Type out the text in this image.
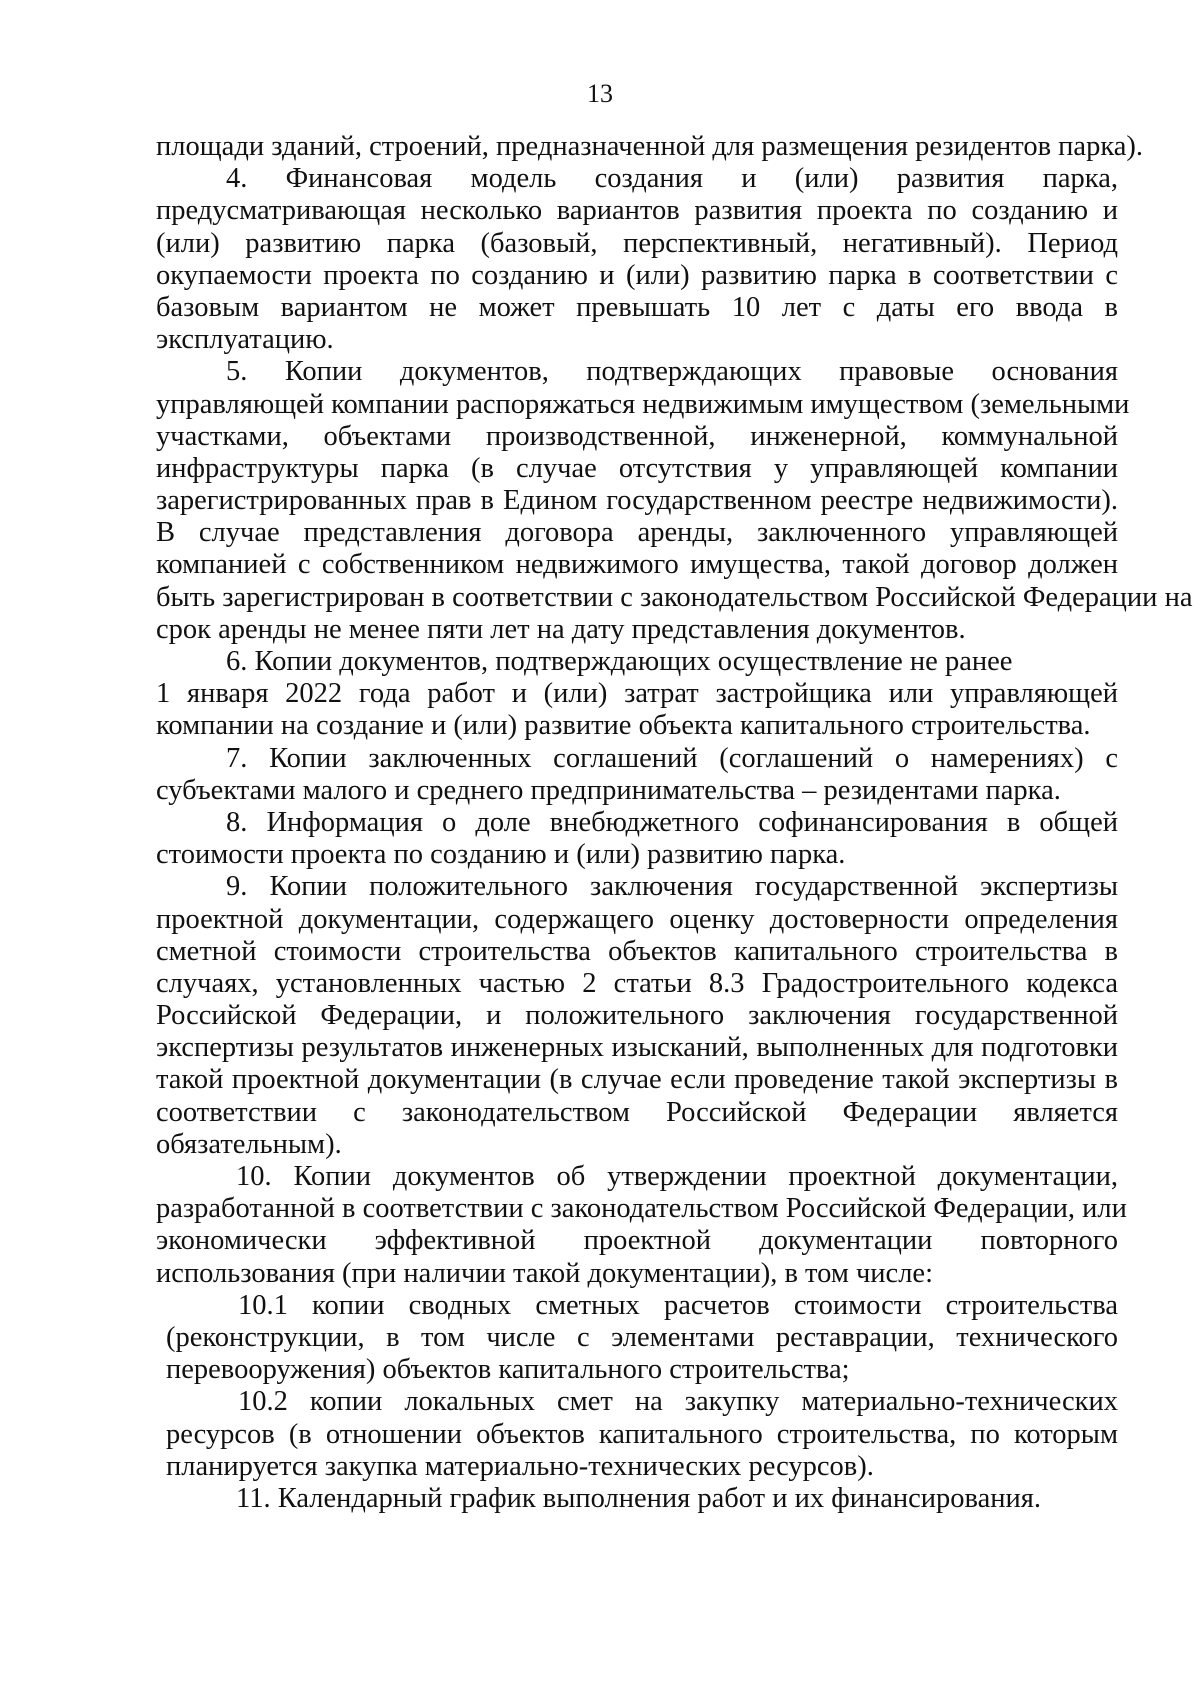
13
площади зданий, строений, предназначенной для размещения резидентов парка).
4. Финансовая модель создания и (или) развития парка,
предусматривающая несколько вариантов развития проекта по созданию и
(или) развитию парка (базовый, перспективный, негативный). Период
окупаемости проекта по созданию и (или) развитию парка в соответствии с
базовым вариантом не может превышать 10 лет с даты его ввода в
эксплуатацию.
5. Копии документов, подтверждающих правовые основания
управляющей компании распоряжаться недвижимым имуществом (земельными
участками, объектами производственной, инженерной, коммунальной
инфраструктуры парка (в случае отсутствия у управляющей компании
зарегистрированных прав в Едином государственном реестре недвижимости).
В случае представления договора аренды, заключенного управляющей
компанией с собственником недвижимого имущества, такой договор должен
быть зарегистрирован в соответствии с законодательством Российской Федерации на
срок аренды не менее пяти лет на дату представления документов.
6. Копии документов, подтверждающих осуществление не ранее
1 января 2022 года работ и (или) затрат застройщика или управляющей
компании на создание и (или) развитие объекта капитального строительства.
7. Копии заключенных соглашений (соглашений о намерениях) с
субъектами малого и среднего предпринимательства – резидентами парка.
8. Информация о доле внебюджетного софинансирования в общей
стоимости проекта по созданию и (или) развитию парка.
9. Копии положительного заключения государственной экспертизы
проектной документации, содержащего оценку достоверности определения
сметной стоимости строительства объектов капитального строительства в
случаях, установленных частью 2 статьи 8.3 Градостроительного кодекса
Российской Федерации, и положительного заключения государственной
экспертизы результатов инженерных изысканий, выполненных для подготовки
такой проектной документации (в случае если проведение такой экспертизы в
соответствии с законодательством Российской Федерации является
обязательным).
10. Копии документов об утверждении проектной документации,
разработанной в соответствии с законодательством Российской Федерации, или
экономически эффективной проектной документации повторного
использования (при наличии такой документации), в том числе:
10.1 копии сводных сметных расчетов стоимости строительства
(реконструкции, в том числе с элементами реставрации, технического
перевооружения) объектов капитального строительства;
10.2 копии локальных смет на закупку материально-технических
ресурсов (в отношении объектов капитального строительства, по которым
планируется закупка материально-технических ресурсов).
11. Календарный график выполнения работ и их финансирования.
